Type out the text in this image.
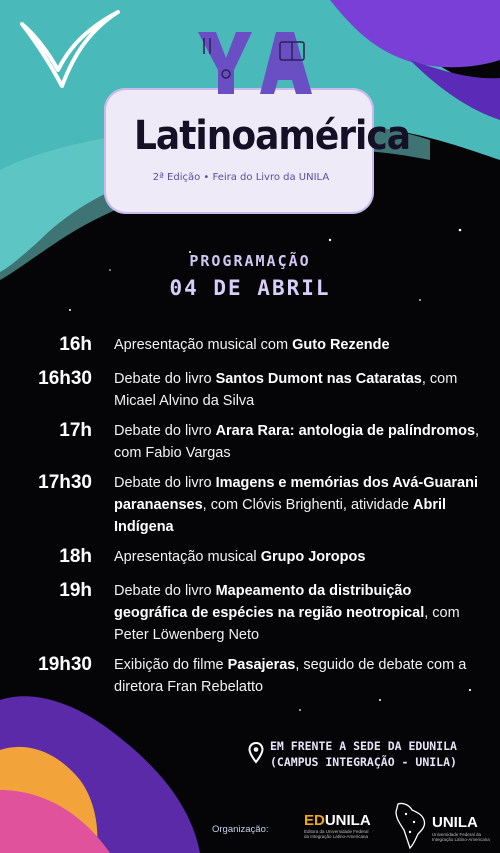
Latinoamérica
2ª Edição • Feira do Livro da UNILA
PROGRAMAÇÃO
04 DE ABRIL
16h Apresentação musical com Guto Rezende
16h30 Debate do livro Santos Dumont nas Cataratas, com Micael Alvino da Silva
17h Debate do livro Arara Rara: antologia de palíndromos, com Fabio Vargas
17h30 Debate do livro Imagens e memórias dos Avá-Guarani paranaenses, com Clóvis Brighenti, atividade Abril Indígena
18h Apresentação musical Grupo Joropos
19h Debate do livro Mapeamento da distribuição geográfica de espécies na região neotropical, com Peter Löwenberg Neto
19h30 Exibição do filme Pasajeras, seguido de debate com a diretora Fran Rebelatto
EM FRENTE A SEDE DA EDUNILA
(CAMPUS INTEGRAÇÃO - UNILA)
Organização:
EDUNILA
Editora da Universidade Federal da Integração Latino-Americana
UNILA
Universidade Federal da Integração Latino-Americana
